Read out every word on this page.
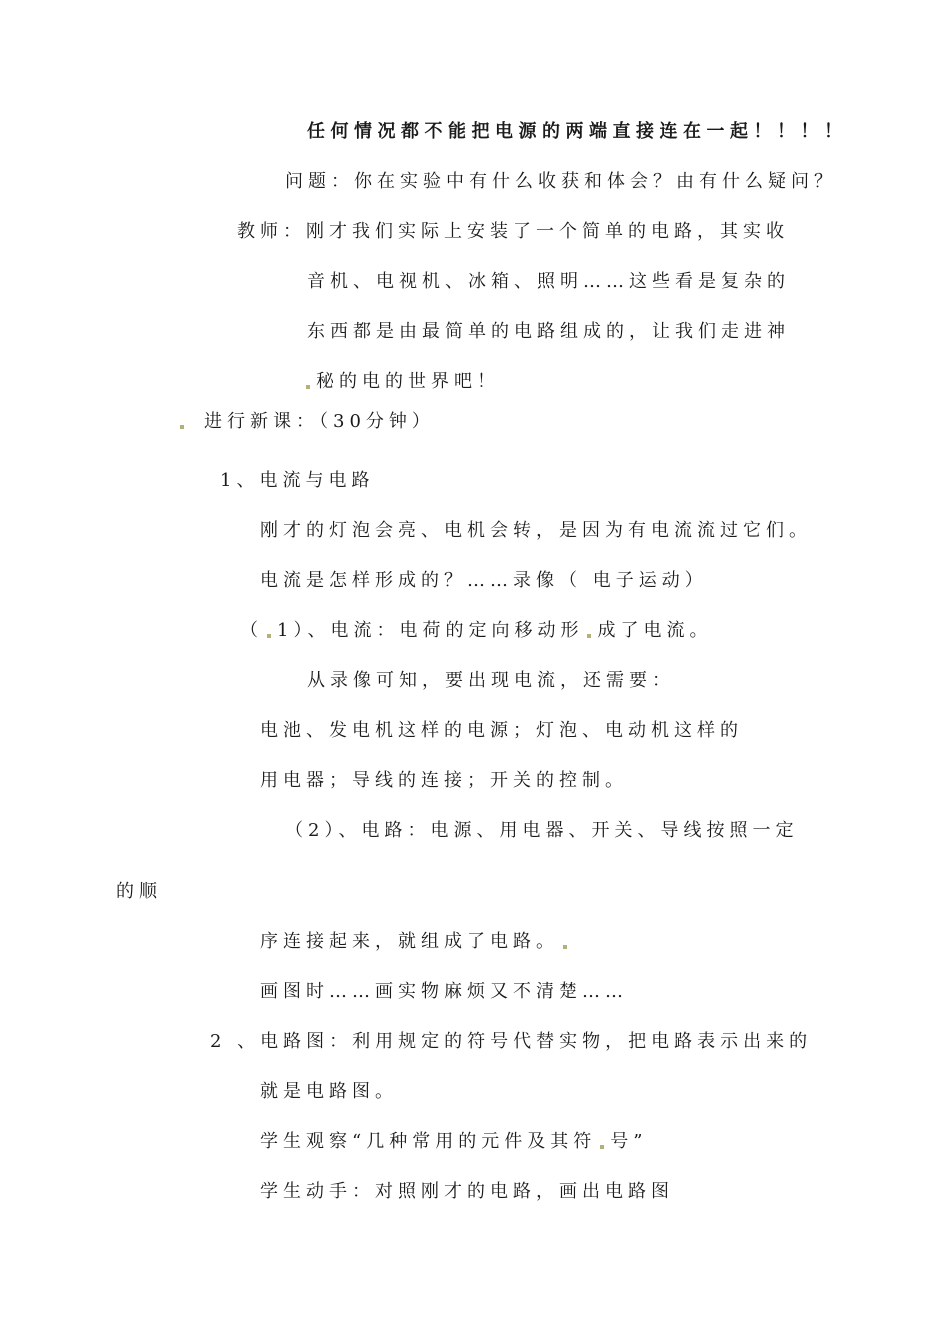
任何情况都不能把电源的两端直接连在一起！！！！
问题：你在实验中有什么收获和体会？由有什么疑问？
教师：刚才我们实际上安装了一个简单的电路，其实收
音机、电视机、冰箱、照明……这些看是复杂的
东西都是由最简单的电路组成的，让我们走进神
秘的电的世界吧！
进行新课：（30分钟）
1、电流与电路
刚才的灯泡会亮、电机会转，是因为有电流流过它们。
电流是怎样形成的？……录像（ 电子运动）
（ 1）、电流：电荷的定向移动形 成了电流。
从录像可知，要出现电流，还需要：
电池、发电机这样的电源；灯泡、电动机这样的
用电器；导线的连接；开关的控制。
（2）、电路：电源、用电器、开关、导线按照一定
的顺
序连接起来，就组成了电路。
画图时……画实物麻烦又不清楚……
2 、电路图：利用规定的符号代替实物，把电路表示出来的
就是电路图。
学生观察“几种常用的元件及其符 号”
学生动手：对照刚才的电路，画出电路图
